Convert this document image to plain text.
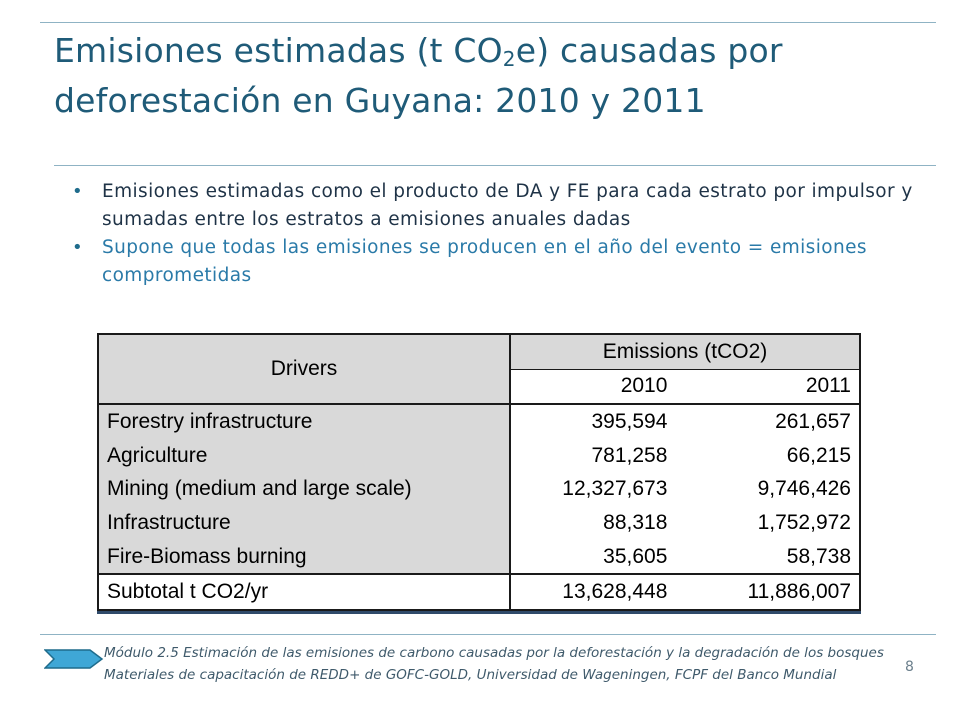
Emisiones estimadas (t $CO_2e$) causadas por deforestación en Guyana: 2010 y 2011
• Emisiones estimadas como el producto de DA y FE para cada estrato por impulsor y sumadas entre los estratos a emisiones anuales dadas
• Supone que todas las emisiones se producen en el año del evento = emisiones comprometidas
Drivers	Emissions (tCO2)	
	2010	2011
Forestry infrastructure	395,594	261,657
Agriculture	781,258	66,215
Mining (medium and large scale)	12,327,673	9,746,426
Infrastructure	88,318	1,752,972
Fire-Biomass burning	35,605	58,738
Subtotal t CO2/yr	13,628,448	11,886,007
Módulo 2.5 Estimación de las emisiones de carbono causadas por la deforestación y la degradación de los bosques
Materiales de capacitación de REDD+ de GOFC-GOLD, Universidad de Wageningen, FCPF del Banco Mundial	8
